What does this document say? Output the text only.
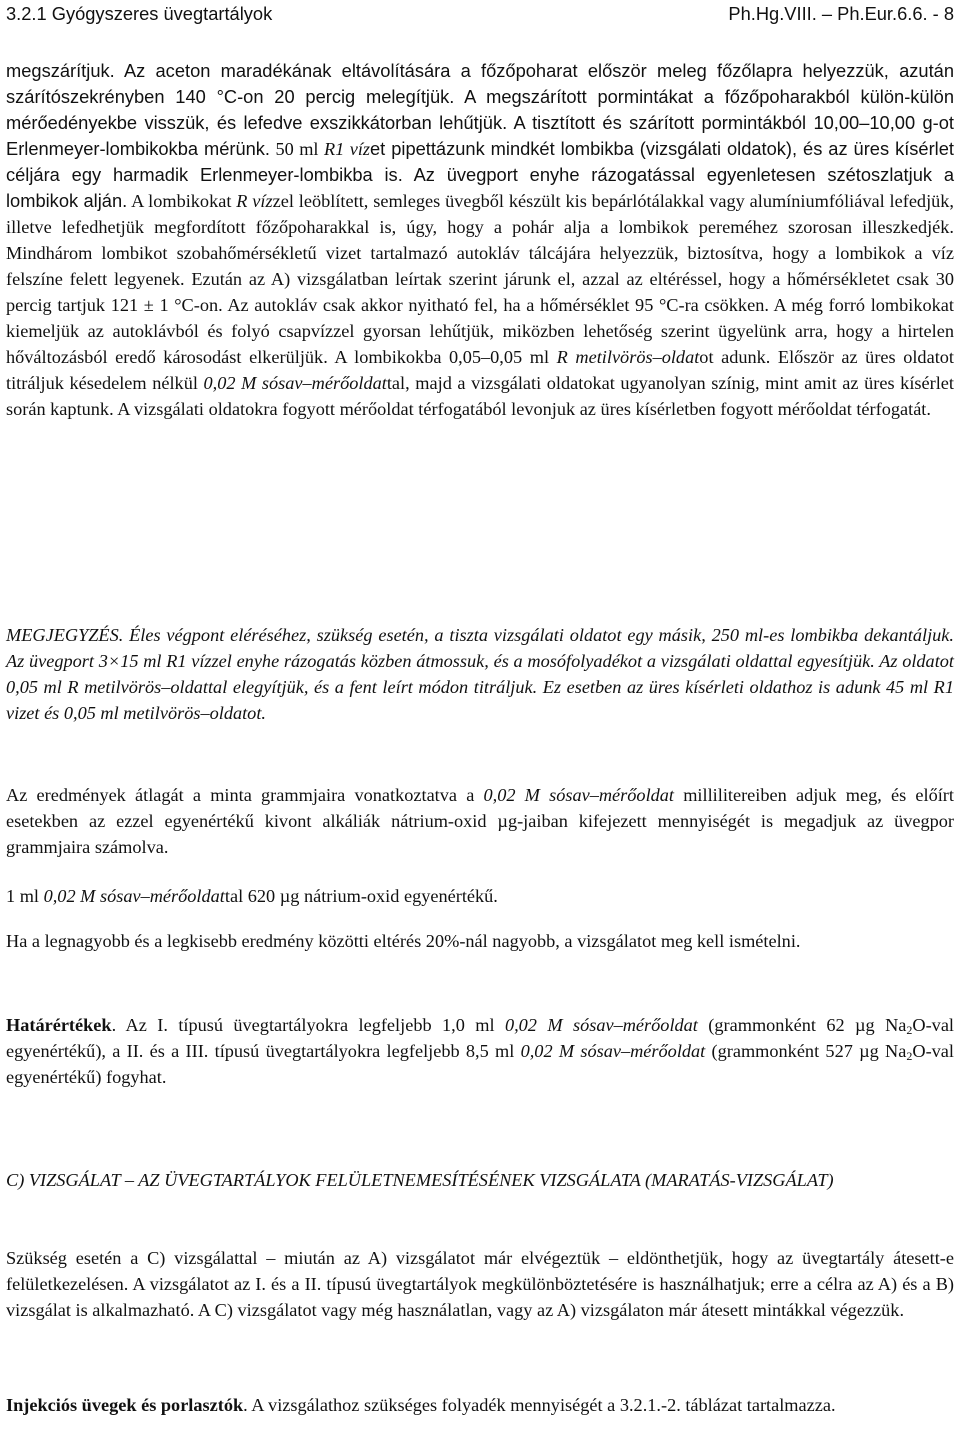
3.2.1 Gyógyszeres üvegtartályok	Ph.Hg.VIII. – Ph.Eur.6.6. - 8

megszárítjuk. Az aceton maradékának eltávolítására a főzőpoharat először meleg főzőlapra helyezzük, azután szárítószekrényben 140 °C-on 20 percig melegítjük. A megszárított pormintákat a főzőpoharakból külön-külön mérőedényekbe visszük, és lefedve exszikkátorban lehűtjük. A tisztított és szárított pormintákból 10,00–10,00 g-ot Erlenmeyer-lombikokba mérünk. 50 ml R1 vízet pipettázunk mindkét lombikba (vizsgálati oldatok), és az üres kísérlet céljára egy harmadik Erlenmeyer-lombikba is. Az üvegport enyhe rázogatással egyenletesen szétoszlatjuk a lombikok alján. A lombikokat R vízzel leöblített, semleges üvegből készült kis bepárlótálakkal vagy alumíniumfóliával lefedjük, illetve lefedhetjük megfordított főzőpoharakkal is, úgy, hogy a pohár alja a lombikok pereméhez szorosan illeszkedjék. Mindhárom lombikot szobahőmérsékletű vizet tartalmazó autokláv tálcájára helyezzük, biztosítva, hogy a lombikok a víz felszíne felett legyenek. Ezután az A) vizsgálatban leírtak szerint járunk el, azzal az eltéréssel, hogy a hőmérsékletet csak 30 percig tartjuk 121 ± 1 °C-on. Az autokláv csak akkor nyitható fel, ha a hőmérséklet 95 °C-ra csökken. A még forró lombikokat kiemeljük az autoklávból és folyó csapvízzel gyorsan lehűtjük, miközben lehetőség szerint ügyelünk arra, hogy a hirtelen hőváltozásból eredő károsodást elkerüljük. A lombikokba 0,05–0,05 ml R metilvörös–oldatot adunk. Először az üres oldatot titráljuk késedelem nélkül 0,02 M sósav–mérőoldattal, majd a vizsgálati oldatokat ugyanolyan színig, mint amit az üres kísérlet során kaptunk. A vizsgálati oldatokra fogyott mérőoldat térfogatából levonjuk az üres kísérletben fogyott mérőoldat térfogatát.

MEGJEGYZÉS. Éles végpont eléréséhez, szükség esetén, a tiszta vizsgálati oldatot egy másik, 250 ml-es lombikba dekantáljuk. Az üvegport 3×15 ml R1 vízzel enyhe rázogatás közben átmossuk, és a mosófolyadékot a vizsgálati oldattal egyesítjük. Az oldatot 0,05 ml R metilvörös–oldattal elegyítjük, és a fent leírt módon titráljuk. Ez esetben az üres kísérleti oldathoz is adunk 45 ml R1 vizet és 0,05 ml metilvörös–oldatot.

Az eredmények átlagát a minta grammjaira vonatkoztatva a 0,02 M sósav–mérőoldat millilitereiben adjuk meg, és előírt esetekben az ezzel egyenértékű kivont alkáliák nátrium-oxid µg-jaiban kifejezett mennyiségét is megadjuk az üvegpor grammjaira számolva.

1 ml 0,02 M sósav–mérőoldattal 620 µg nátrium-oxid egyenértékű.

Ha a legnagyobb és a legkisebb eredmény közötti eltérés 20%-nál nagyobb, a vizsgálatot meg kell ismételni.

Határértékek. Az I. típusú üvegtartályokra legfeljebb 1,0 ml 0,02 M sósav–mérőoldat (grammonként 62 µg $Na_2O$-val egyenértékű), a II. és a III. típusú üvegtartályokra legfeljebb 8,5 ml 0,02 M sósav–mérőoldat (grammonként 527 µg $Na_2O$-val egyenértékű) fogyhat.

C) VIZSGÁLAT – AZ ÜVEGTARTÁLYOK FELÜLETNEMESÍTÉSÉNEK VIZSGÁLATA (MARATÁS-VIZSGÁLAT)

Szükség esetén a C) vizsgálattal – miután az A) vizsgálatot már elvégeztük – eldönthetjük, hogy az üvegtartály átesett-e felületkezelésen. A vizsgálatot az I. és a II. típusú üvegtartályok megkülönböztetésére is használhatjuk; erre a célra az A) és a B) vizsgálat is alkalmazható. A C) vizsgálatot vagy még használatlan, vagy az A) vizsgálaton már átesett mintákkal végezzük.

Injekciós üvegek és porlasztók. A vizsgálathoz szükséges folyadék mennyiségét a 3.2.1.-2. táblázat tartalmazza.
